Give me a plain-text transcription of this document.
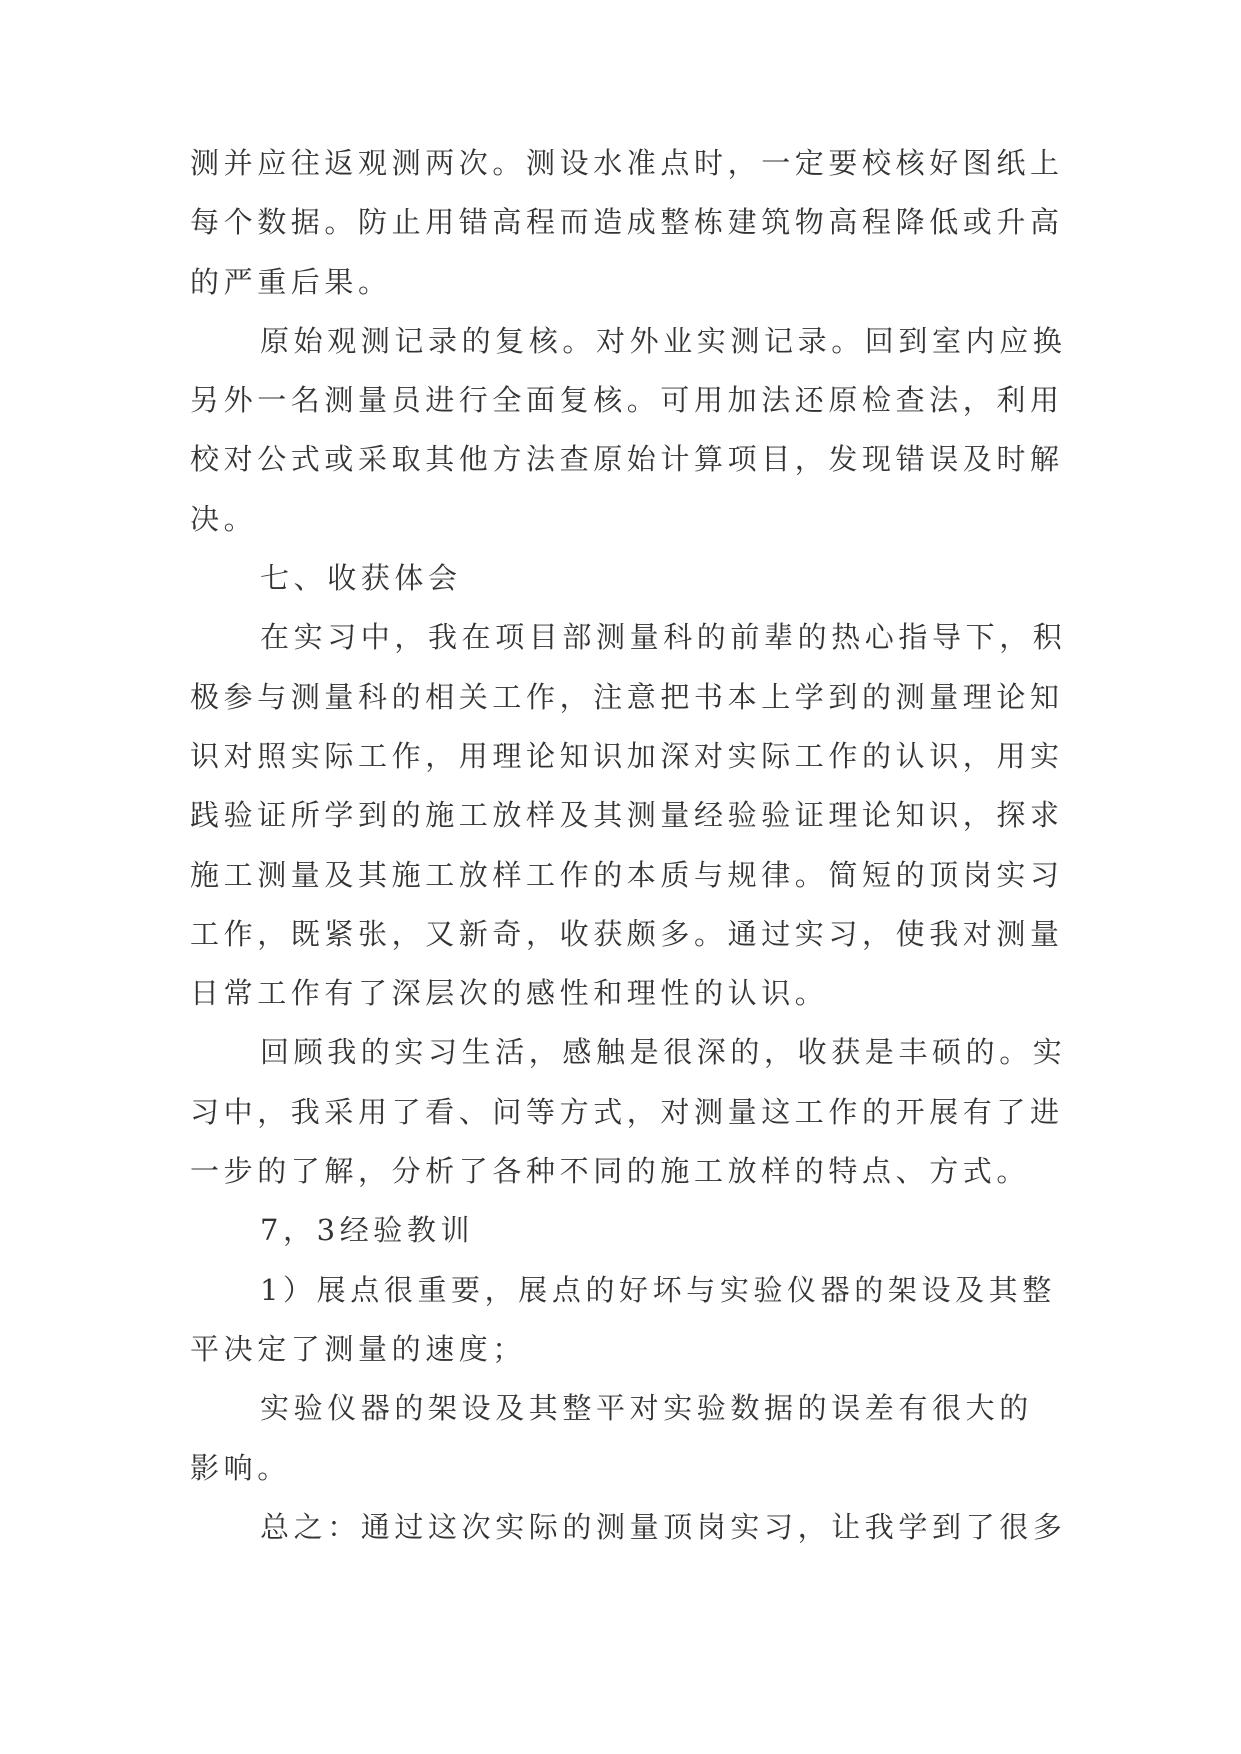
测并应往返观测两次。测设水准点时，一定要校核好图纸上
每个数据。防止用错高程而造成整栋建筑物高程降低或升高
的严重后果。
原始观测记录的复核。对外业实测记录。回到室内应换
另外一名测量员进行全面复核。可用加法还原检查法，利用
校对公式或采取其他方法查原始计算项目，发现错误及时解
决。
七、收获体会
在实习中，我在项目部测量科的前辈的热心指导下，积
极参与测量科的相关工作，注意把书本上学到的测量理论知
识对照实际工作，用理论知识加深对实际工作的认识，用实
践验证所学到的施工放样及其测量经验验证理论知识，探求
施工测量及其施工放样工作的本质与规律。简短的顶岗实习
工作，既紧张，又新奇，收获颇多。通过实习，使我对测量
日常工作有了深层次的感性和理性的认识。
回顾我的实习生活，感触是很深的，收获是丰硕的。实
习中，我采用了看、问等方式，对测量这工作的开展有了进
一步的了解，分析了各种不同的施工放样的特点、方式。
7，3经验教训
1）展点很重要，展点的好坏与实验仪器的架设及其整
平决定了测量的速度；
实验仪器的架设及其整平对实验数据的误差有很大的
影响。
总之：通过这次实际的测量顶岗实习，让我学到了很多
